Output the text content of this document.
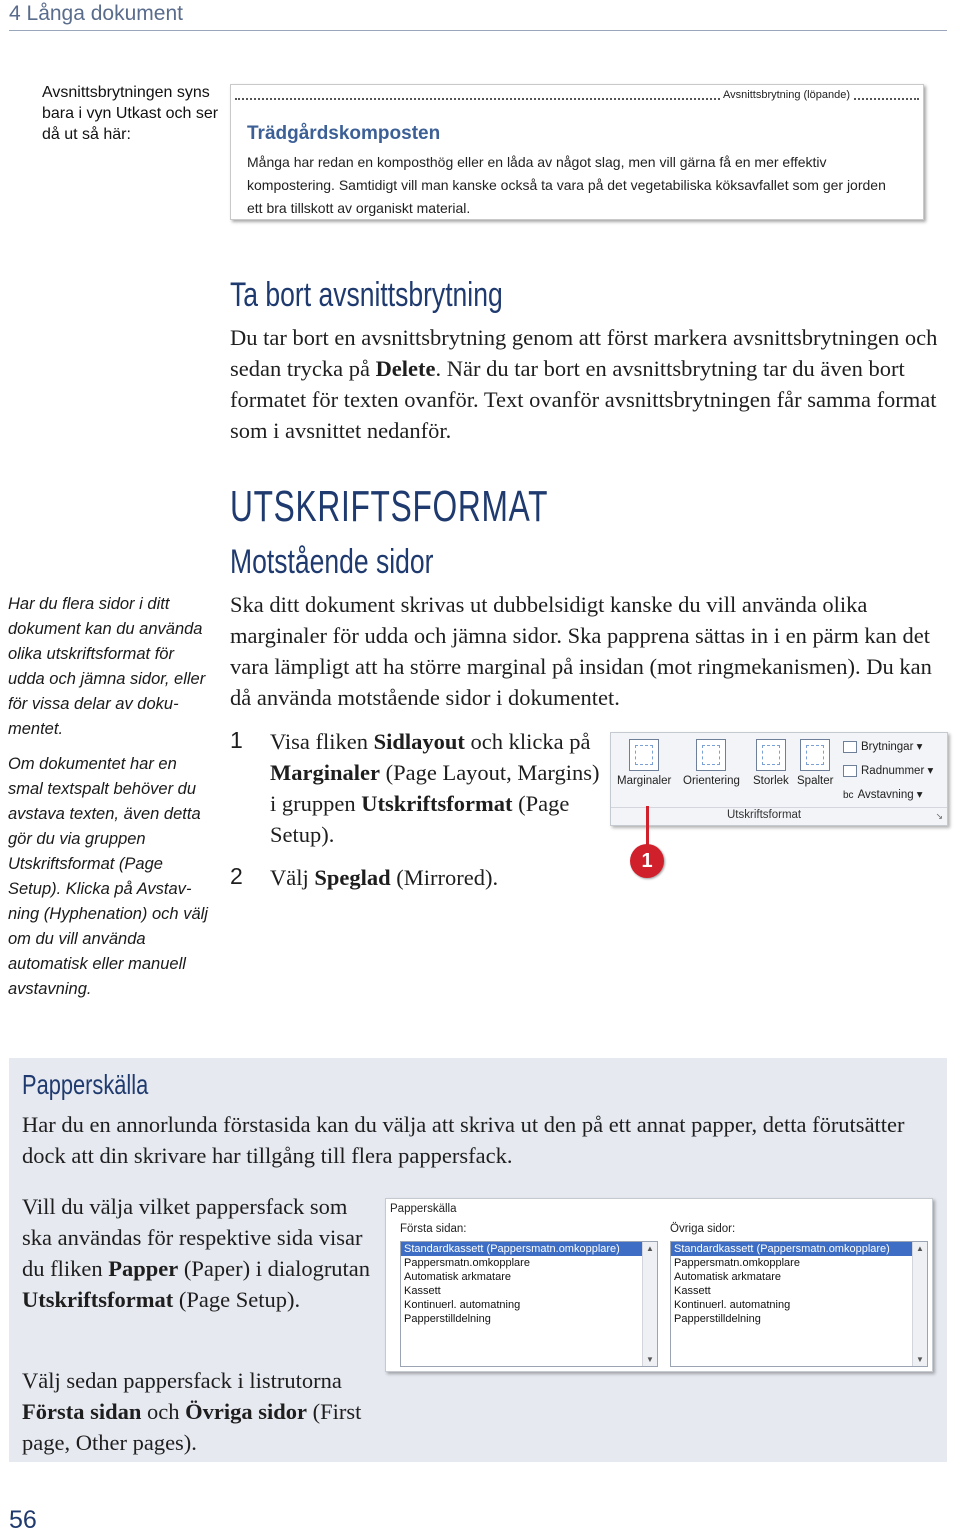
4 Långa dokument
Avsnittsbrytningen syns bara i vyn Utkast och ser då ut så här:
Avsnittsbrytning (löpande)
Trädgårdskomposten
Många har redan en komposthög eller en låda av något slag, men vill gärna få en mer effektiv kompostering. Samtidigt vill man kanske också ta vara på det vegetabiliska köksavfallet som ger jorden ett bra tillskott av organiskt material.
Ta bort avsnittsbrytning
Du tar bort en avsnittsbrytning genom att först markera avsnittsbrytningen och sedan trycka på Delete. När du tar bort en avsnittsbrytning tar du även bort formatet för texten ovanför. Text ovanför avsnittsbrytningen får samma format som i avsnittet nedanför.
UTSKRIFTSFORMAT
Motstående sidor
Ska ditt dokument skrivas ut dubbelsidigt kanske du vill använda olika marginaler för udda och jämna sidor. Ska papprena sättas in i en pärm kan det vara lämpligt att ha större marginal på insidan (mot ringmekanismen). Du kan då använda motstående sidor i dokumentet.

Har du flera sidor i ditt dokument kan du använda olika utskriftsformat för udda och jämna sidor, eller för vissa delar av dokumentet.

Om dokumentet har en smal textspalt behöver du avstava texten, även detta gör du via gruppen Utskriftsformat (Page Setup). Klicka på Avstavning (Hyphenation) och välj om du vill använda automatisk eller manuell avstavning.

1 Visa fliken Sidlayout och klicka på Marginaler (Page Layout, Margins) i gruppen Utskriftsformat (Page Setup).
2 Välj Speglad (Mirrored).
Marginaler Orientering Storlek Spalter
Brytningar ▾
Radnummer ▾
bc Avstavning ▾
Utskriftsformat	↘
1
Papperskälla
Har du en annorlunda förstasida kan du välja att skriva ut den på ett annat papper, detta förutsätter dock att din skrivare har tillgång till flera pappersfack.
Vill du välja vilket pappersfack som ska användas för respektive sida visar du fliken Papper (Paper) i dialogrutan Utskriftsformat (Page Setup).
Välj sedan pappersfack i listrutorna Första sidan och Övriga sidor (First page, Other pages).
Papperskälla
Första sidan:	Övriga sidor:
Standardkassett (Pappersmatn.omkopplare)
Pappersmatn.omkopplare
Automatisk arkmatare
Kassett
Kontinuerl. automatning
Papperstilldelning
▲
▼
Standardkassett (Pappersmatn.omkopplare)
Pappersmatn.omkopplare
Automatisk arkmatare
Kassett
Kontinuerl. automatning
Papperstilldelning
▲
▼
56
